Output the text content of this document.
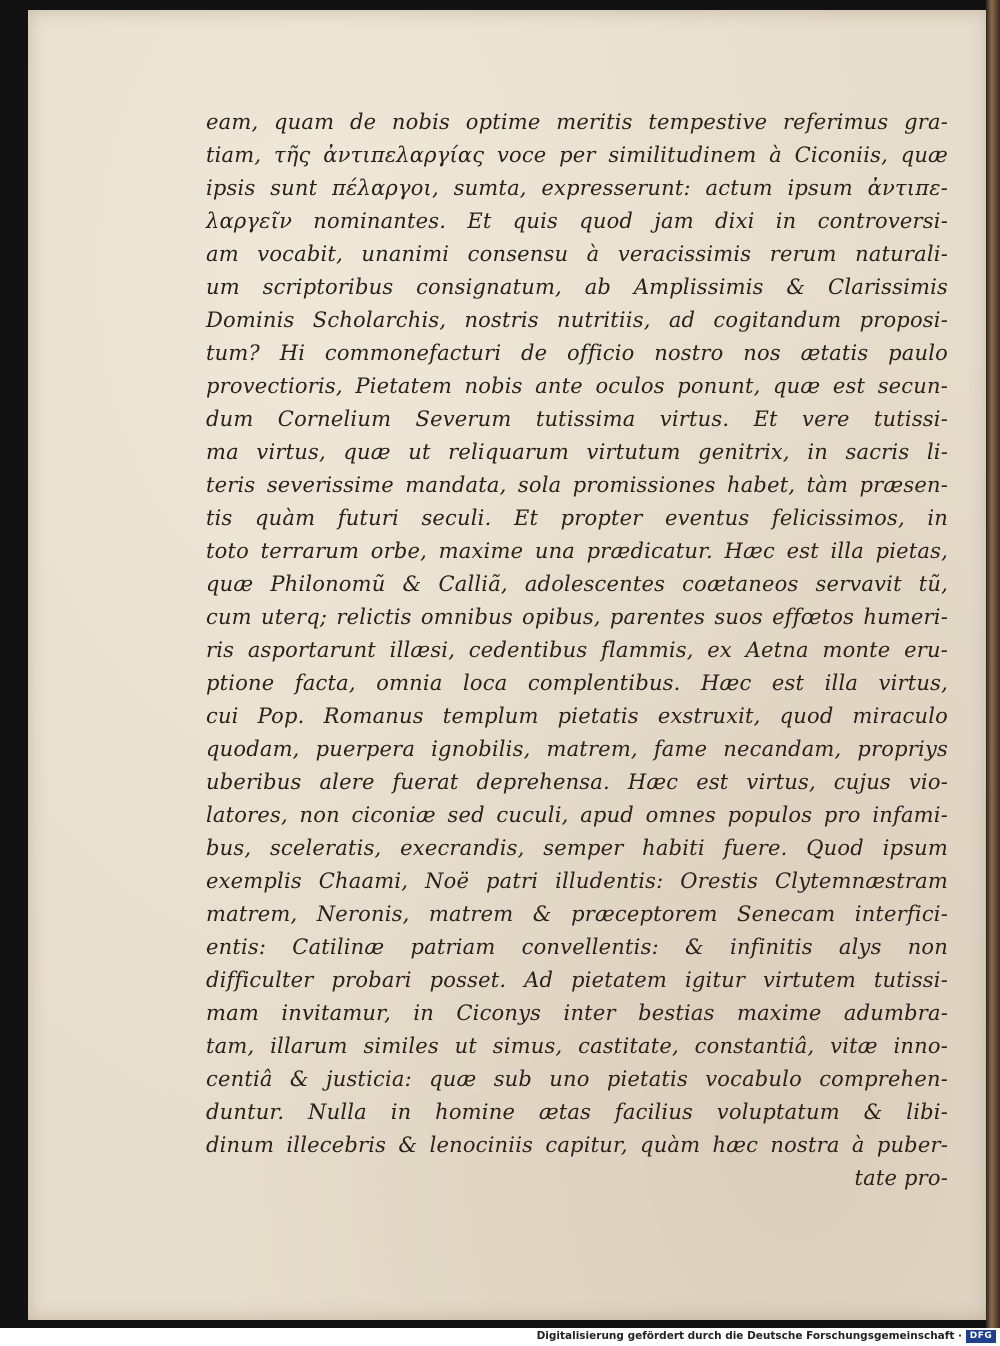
eam, quam de nobis optime meritis tempestive referimus gra-
tiam, τῆς ἀντιπελαργίας voce per similitudinem à Ciconiis, quæ
ipsis sunt πέλαργοι, sumta, expresserunt: actum ipsum ἀντιπε-
λαργεῖν nominantes. Et quis quod jam dixi in controversi-
am vocabit, unanimi consensu à veracissimis rerum naturali-
um scriptoribus consignatum, ab Amplissimis & Clarissimis
Dominis Scholarchis, nostris nutritiis, ad cogitandum proposi-
tum? Hi commonefacturi de officio nostro nos ætatis paulo
provectioris, Pietatem nobis ante oculos ponunt, quæ est secun-
dum Cornelium Severum tutissima virtus. Et vere tutissi-
ma virtus, quæ ut reliquarum virtutum genitrix, in sacris li-
teris severissime mandata, sola promissiones habet, tàm præsen-
tis quàm futuri seculi. Et propter eventus felicissimos, in
toto terrarum orbe, maxime una prædicatur. Hæc est illa pietas,
quæ Philonomũ & Calliã, adolescentes coætaneos servavit tũ,
cum uterq; relictis omnibus opibus, parentes suos effœtos humeri-
ris asportarunt illæsi, cedentibus flammis, ex Aetna monte eru-
ptione facta, omnia loca complentibus. Hæc est illa virtus,
cui Pop. Romanus templum pietatis exstruxit, quod miraculo
quodam, puerpera ignobilis, matrem, fame necandam, propriys
uberibus alere fuerat deprehensa. Hæc est virtus, cujus vio-
latores, non ciconiæ sed cuculi, apud omnes populos pro infami-
bus, sceleratis, execrandis, semper habiti fuere. Quod ipsum
exemplis Chaami, Noë patri illudentis: Orestis Clytemnæstram
matrem, Neronis, matrem & præceptorem Senecam interfici-
entis: Catilinæ patriam convellentis: & infinitis alys non
difficulter probari posset. Ad pietatem igitur virtutem tutissi-
mam invitamur, in Ciconys inter bestias maxime adumbra-
tam, illarum similes ut simus, castitate, constantiâ, vitæ inno-
centiâ & justicia: quæ sub uno pietatis vocabulo comprehen-
duntur. Nulla in homine ætas facilius voluptatum & libi-
dinum illecebris & lenociniis capitur, quàm hæc nostra à puber-
tate pro-
Digitalisierung gefördert durch die Deutsche Forschungsgemeinschaft · DFG
